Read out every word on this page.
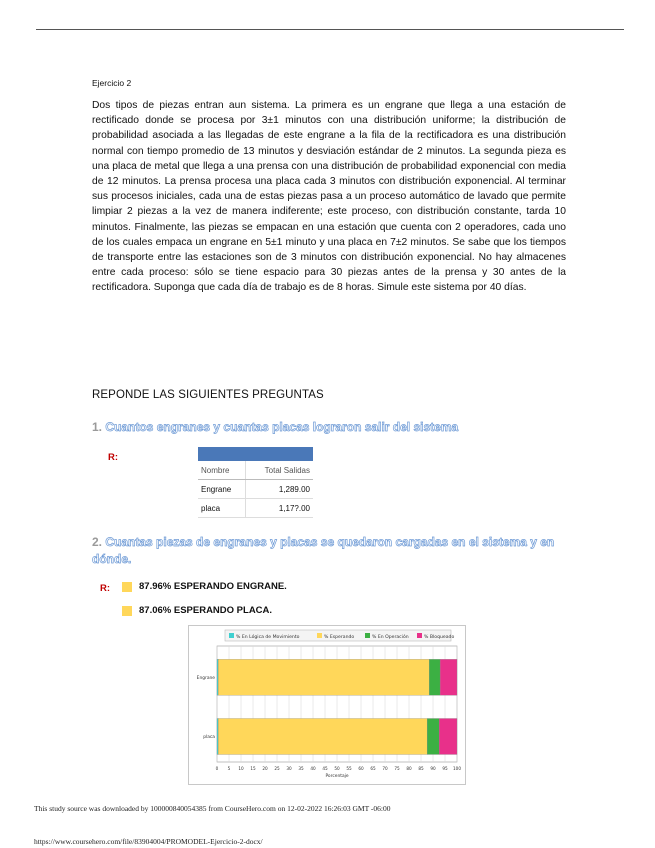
Ejercicio 2
Dos tipos de piezas entran aun sistema. La primera es un engrane que llega a una estación de rectificado donde se procesa por 3±1 minutos con una distribución uniforme; la distribución de probabilidad asociada a las llegadas de este engrane a la fila de la rectificadora es una distribución normal con tiempo promedio de 13 minutos y desviación estándar de 2 minutos. La segunda pieza es una placa de metal que llega a una prensa con una distribución de probabilidad exponencial con media de 12 minutos. La prensa procesa una placa cada 3 minutos con distribución exponencial. Al terminar sus procesos iniciales, cada una de estas piezas pasa a un proceso automático de lavado que permite limpiar 2 piezas a la vez de manera indiferente; este proceso, con distribución constante, tarda 10 minutos. Finalmente, las piezas se empacan en una estación que cuenta con 2 operadores, cada uno de los cuales empaca un engrane en 5±1 minuto y una placa en 7±2 minutos. Se sabe que los tiempos de transporte entre las estaciones son de 3 minutos con distribución exponencial. No hay almacenes entre cada proceso: sólo se tiene espacio para 30 piezas antes de la prensa y 30 antes de la rectificadora. Suponga que cada día de trabajo es de 8 horas. Simule este sistema por 40 días.
REPONDE LAS SIGUIENTES PREGUNTAS
1. Cuantos engranes y cuantas placas lograron salir del sistema
R:
Nombre	Total Salidas
Engrane	1,289.00
placa	1,17?.00
2. Cuantas piezas de engranes y placas se quedaron cargadas en el sistema y en dónde.
R:	87.96% ESPERANDO ENGRANE.
87.06% ESPERANDO PLACA.
% En Lógica de Movimiento	% Esperando	% En Operación	% Bloqueado
0 5 10 15 20 25 30 35 40 45 50 55 60 65 70 75 80 85 90 95 100
Porcentaje
Engrane
placa
This study source was downloaded by 100000840054385 from CourseHero.com on 12-02-2022 16:26:03 GMT -06:00
https://www.coursehero.com/file/83904004/PROMODEL-Ejercicio-2-docx/
